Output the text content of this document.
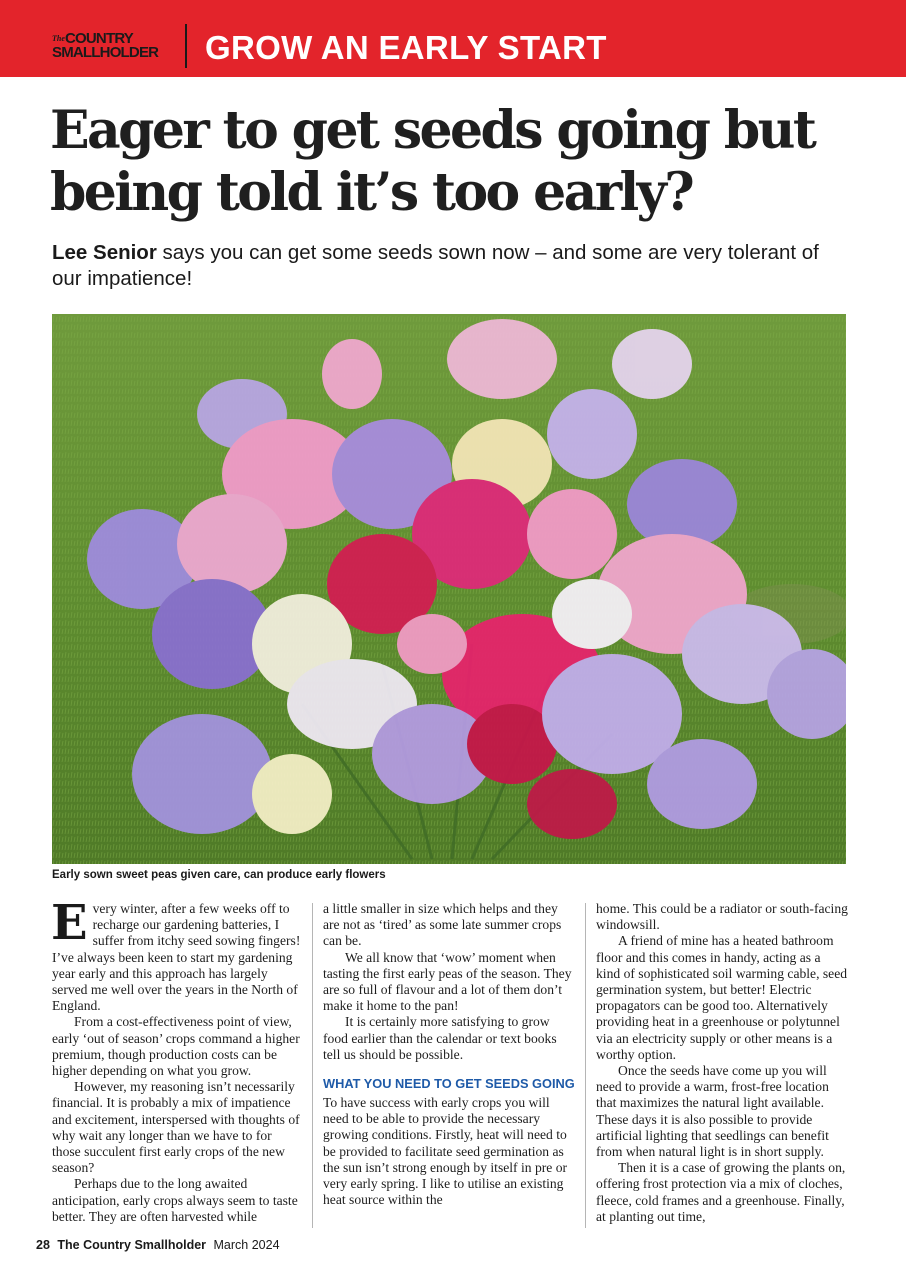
The COUNTRY
SMALLHOLDER GROW AN EARLY START
Eager to get seeds going but being told it’s too early?
Lee Senior says you can get some seeds sown now – and some are very tolerant of our impatience!
Early sown sweet peas given care, can produce early flowers

Every winter, after a few weeks off to recharge our gardening batteries, I suffer from itchy seed sowing fingers! I’ve always been keen to start my gardening year early and this approach has largely served me well over the years in the North of England.

From a cost-effectiveness point of view, early ‘out of season’ crops command a higher premium, though production costs can be higher depending on what you grow.

However, my reasoning isn’t necessarily financial. It is probably a mix of impatience and excitement, interspersed with thoughts of why wait any longer than we have to for those succulent first early crops of the new season?

Perhaps due to the long awaited anticipation, early crops always seem to taste better. They are often harvested while

a little smaller in size which helps and they are not as ‘tired’ as some late summer crops can be.

We all know that ‘wow’ moment when tasting the first early peas of the season. They are so full of flavour and a lot of them don’t make it home to the pan!

It is certainly more satisfying to grow food earlier than the calendar or text books tell us should be possible.

WHAT YOU NEED TO GET SEEDS GOING

To have success with early crops you will need to be able to provide the necessary growing conditions. Firstly, heat will need to be provided to facilitate seed germination as the sun isn’t strong enough by itself in pre or very early spring. I like to utilise an existing heat source within the

home. This could be a radiator or south-facing windowsill.

A friend of mine has a heated bathroom floor and this comes in handy, acting as a kind of sophisticated soil warming cable, seed germination system, but better! Electric propagators can be good too. Alternatively providing heat in a greenhouse or polytunnel via an electricity supply or other means is a worthy option.

Once the seeds have come up you will need to provide a warm, frost-free location that maximizes the natural light available. These days it is also possible to provide artificial lighting that seedlings can benefit from when natural light is in short supply.

Then it is a case of growing the plants on, offering frost protection via a mix of cloches, fleece, cold frames and a greenhouse. Finally, at planting out time,

28 The Country Smallholder March 2024
